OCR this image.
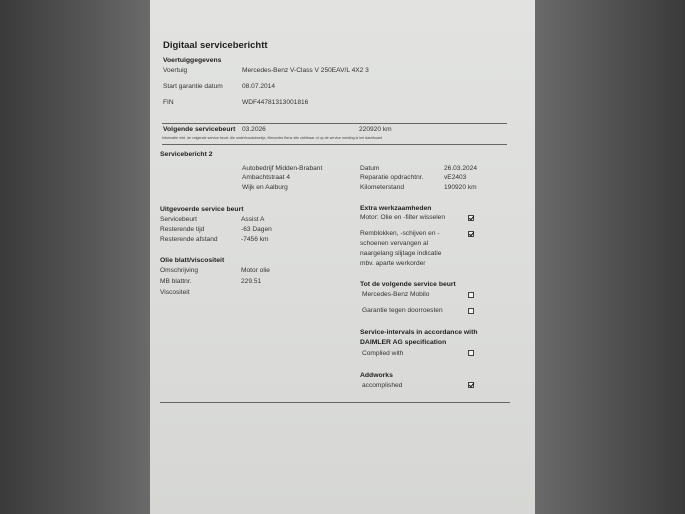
Digitaal serviceberichtt
Voertuiggegevens
Voertuig	Mercedes-Benz V-Class V 250EAV/L 4X2 3
Start garantie datum	08.07.2014
FIN	WDF44781313001816
Volgende servicebeurt 03.2026	220920 km
Informatie mbt. de volgende service beurt, die onderhoudsboekje, Mercedes Benz site zichtbaar of op de service melding is het dashboard
Servicebericht 2
Autobedrijf Midden-Brabant
Ambachtstraat 4
Wijk en Aalburg
Datum	26.03.2024
Reparatie opdrachtnr.	vE2403
Kilometerstand	190920 km
Uitgevoerde service beurt
Servicebeurt	Assist A
Resterende tijd	-63 Dagen
Resterende afstand	-7456 km
Olie blatt/viscositeit
Omschrijving	Motor olie
MB blattnr.	229.51
Viscositeit
Extra werkzaamheden
Motor: Olie en -filter wisselen
Remblokken, -schijven en -
schoenen vervangen al
naargelang slijtage indicatie
mbv. aparte werkorder
Tot de volgende service beurt
Mercedes-Benz Mobilo
Garantie tegen doorroesten
Service-intervals in accordance with
DAIMLER AG specification
Complied with
Addworks
accomplished
